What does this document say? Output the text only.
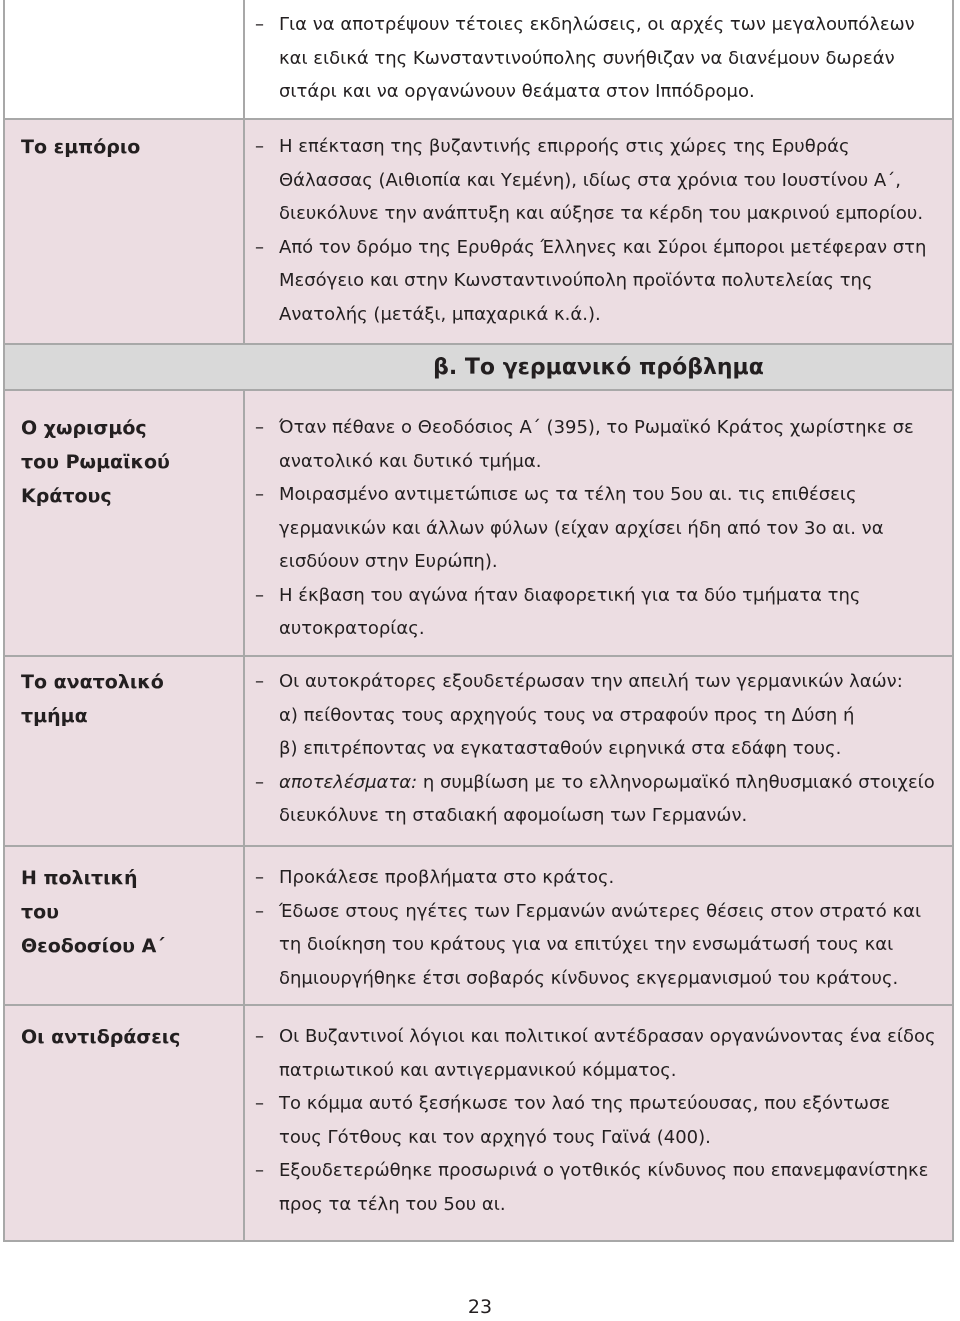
– Για να αποτρέψουν τέτοιες εκδηλώσεις, οι αρχές των μεγαλουπόλεων και ειδικά της Κωνσταντινούπολης συνήθιζαν να διανέμουν δωρεάν σιτάρι και να οργανώνουν θεάματα στον Ιππόδρομο.
Το εμπόριο	– Η επέκταση της βυζαντινής επιρροής στις χώρες της Ερυθράς Θάλασσας (Αιθιοπία και Υεμένη), ιδίως στα χρόνια του Ιουστίνου Α΄, διευκόλυνε την ανάπτυξη και αύξησε τα κέρδη του μακρινού εμπορίου.
– Από τον δρόμο της Ερυθράς Έλληνες και Σύροι έμποροι μετέφεραν στη Μεσόγειο και στην Κωνσταντινούπολη προϊόντα πολυτελείας της Ανατολής (μετάξι, μπαχαρικά κ.ά.).
β. Το γερμανικό πρόβλημα
Ο χωρισμός του Ρωμαϊκού Κράτους
– Όταν πέθανε ο Θεοδόσιος Α΄ (395), το Ρωμαϊκό Κράτος χωρίστηκε σε ανατολικό και δυτικό τμήμα.
– Μοιρασμένο αντιμετώπισε ως τα τέλη του 5ου αι. τις επιθέσεις γερμανικών και άλλων φύλων (είχαν αρχίσει ήδη από τον 3ο αι. να εισδύουν στην Ευρώπη).
– Η έκβαση του αγώνα ήταν διαφορετική για τα δύο τμήματα της αυτοκρατορίας.
Το ανατολικό τμήμα
– Οι αυτοκράτορες εξουδετέρωσαν την απειλή των γερμανικών λαών:
α) πείθοντας τους αρχηγούς τους να στραφούν προς τη Δύση ή
β) επιτρέποντας να εγκατασταθούν ειρηνικά στα εδάφη τους.
– αποτελέσματα: η συμβίωση με το ελληνορωμαϊκό πληθυσμιακό στοιχείο διευκόλυνε τη σταδιακή αφομοίωση των Γερμανών.
Η πολιτική του Θεοδοσίου Α΄
– Προκάλεσε προβλήματα στο κράτος.
– Έδωσε στους ηγέτες των Γερμανών ανώτερες θέσεις στον στρατό και τη διοίκηση του κράτους για να επιτύχει την ενσωμάτωσή τους και δημιουργήθηκε έτσι σοβαρός κίνδυνος εκγερμανισμού του κράτους.
Οι αντιδράσεις	– Οι Βυζαντινοί λόγιοι και πολιτικοί αντέδρασαν οργανώνοντας ένα είδος πατριωτικού και αντιγερμανικού κόμματος.
– Το κόμμα αυτό ξεσήκωσε τον λαό της πρωτεύουσας, που εξόντωσε τους Γότθους και τον αρχηγό τους Γαϊνά (400).
– Εξουδετερώθηκε προσωρινά ο γοτθικός κίνδυνος που επανεμφανίστηκε προς τα τέλη του 5ου αι.
23
